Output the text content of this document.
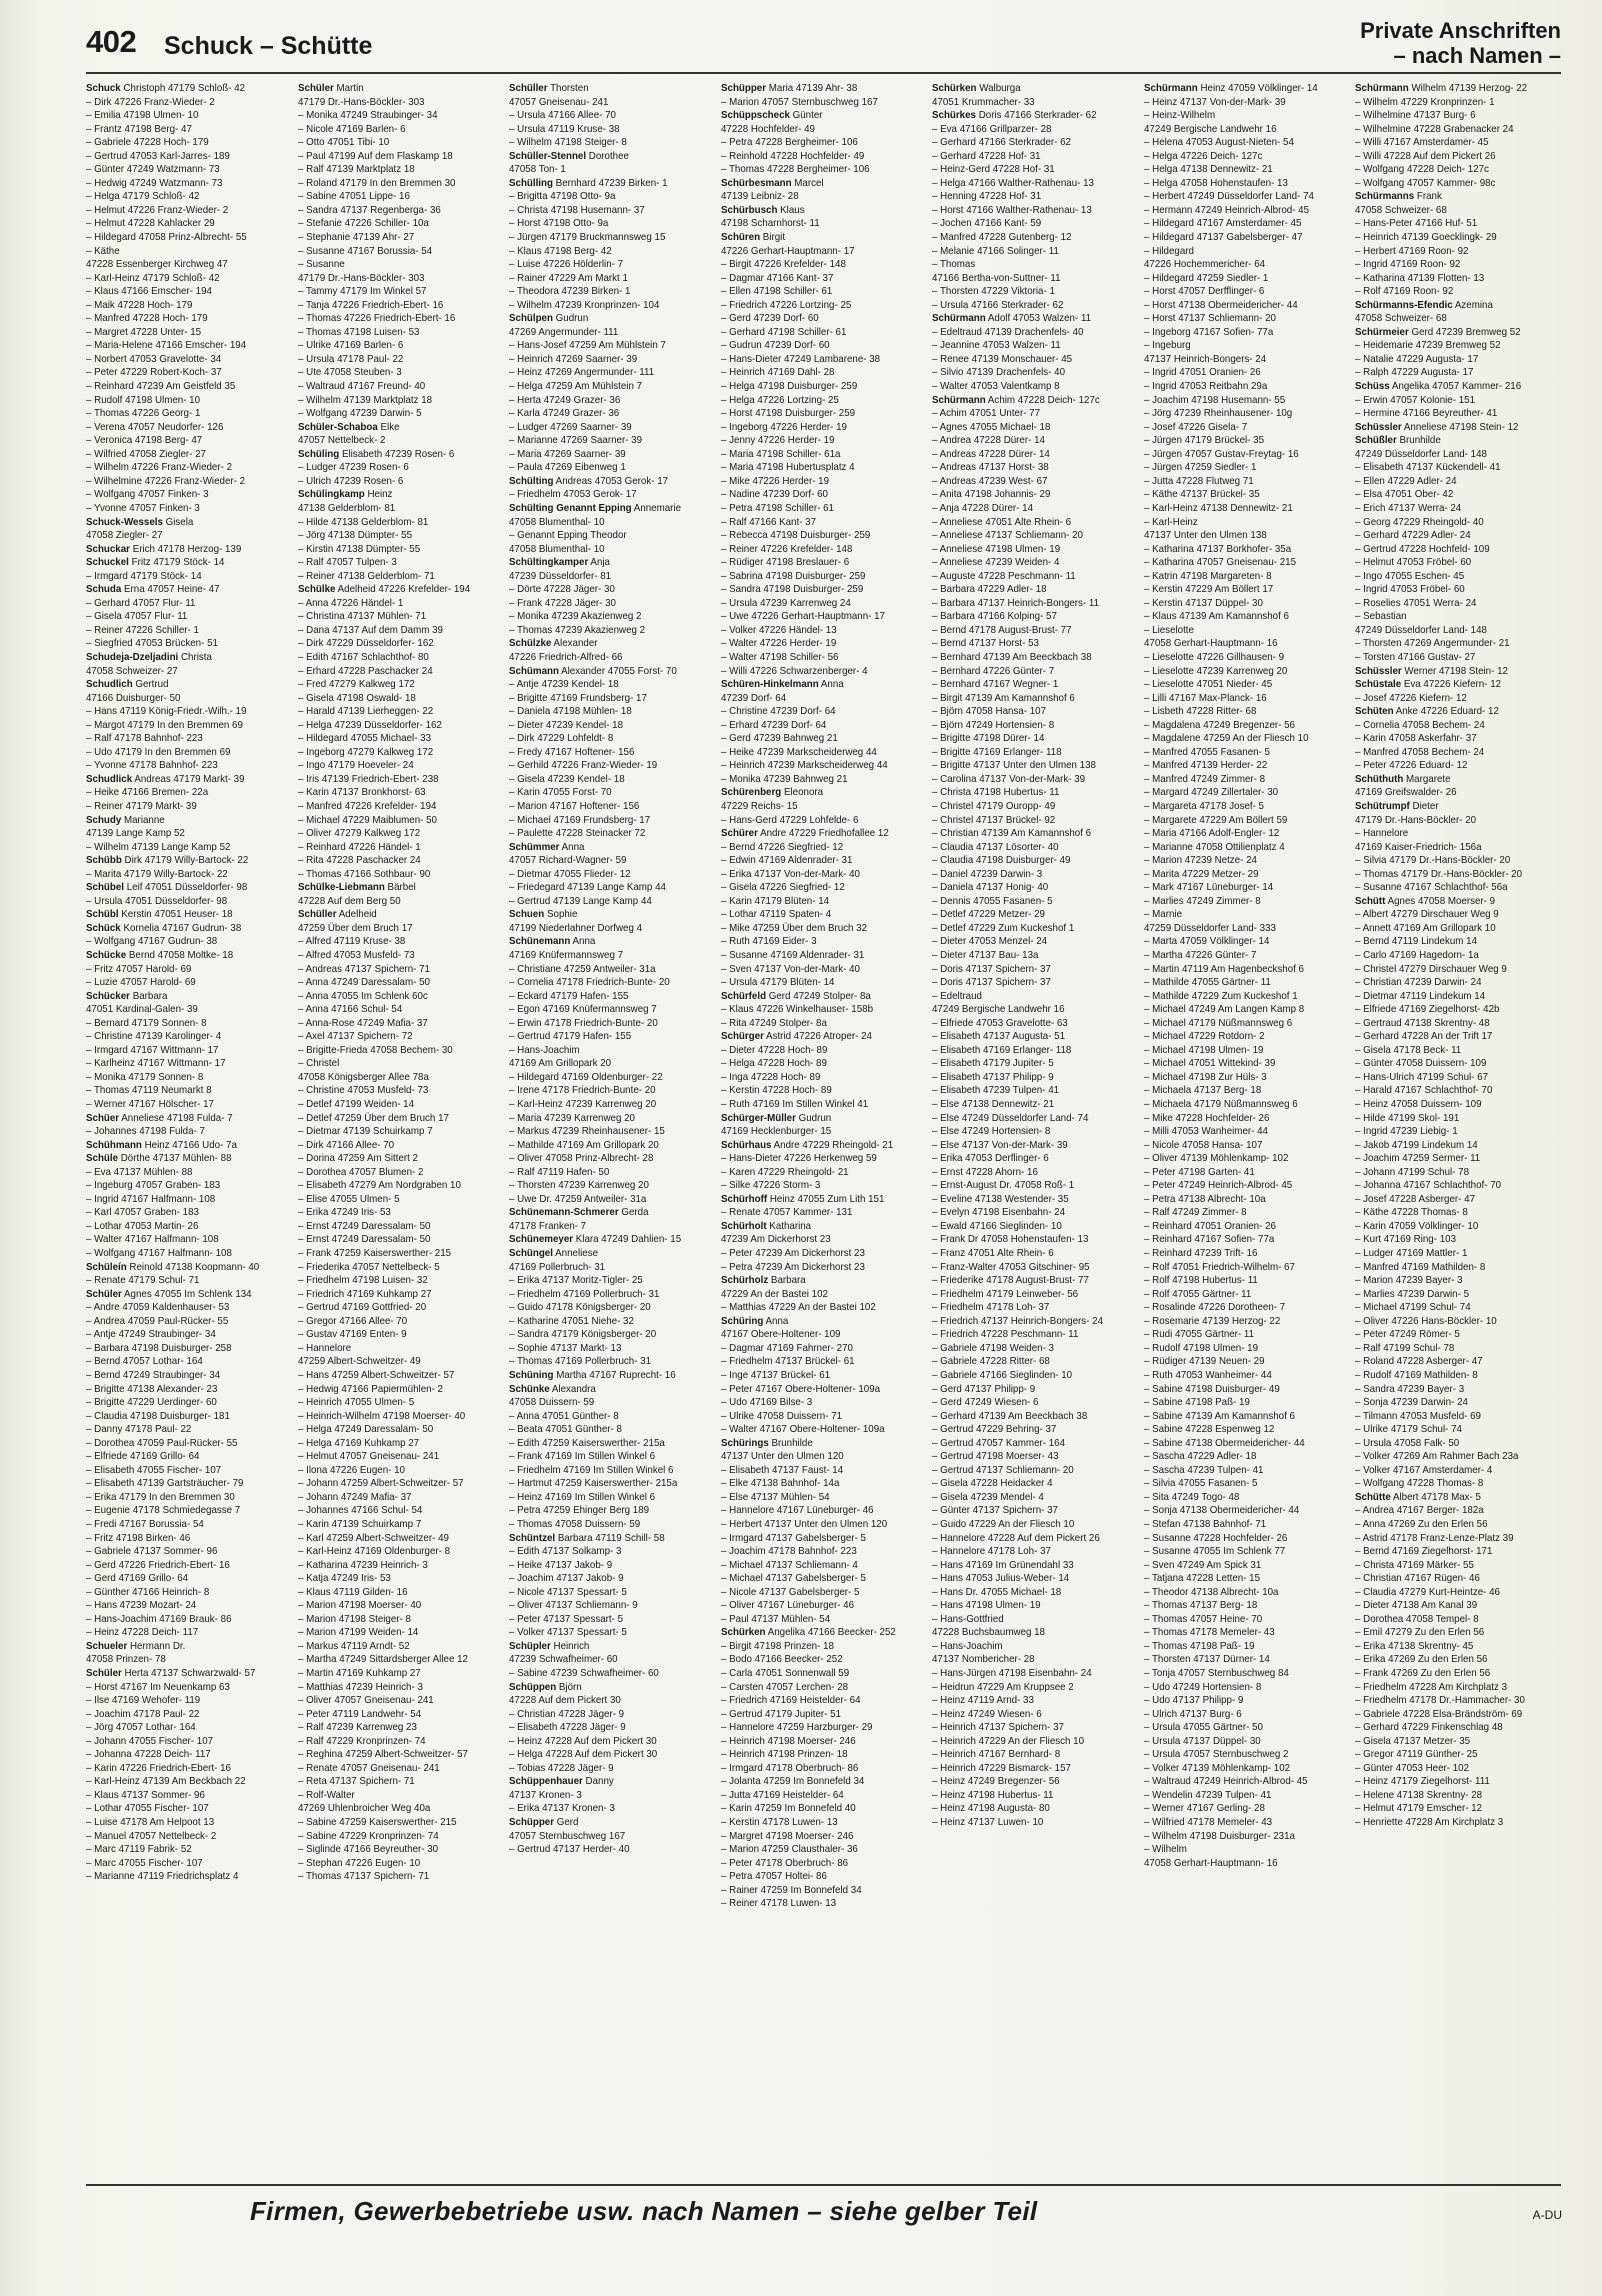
402 Schuck – Schütte
Private Anschriften
– nach Namen –
Schuck Christoph 47179 Schloß- 42
– Dirk 47226 Franz-Wieder- 2
– Emilia 47198 Ulmen- 10
– Frantz 47198 Berg- 47
– Gabriele 47228 Hoch- 179
– Gertrud 47053 Karl-Jarres- 189
– Günter 47249 Watzmann- 73
– Hedwig 47249 Watzmann- 73
– Helga 47179 Schloß- 42
– Helmut 47226 Franz-Wieder- 2
– Helmut 47228 Kahlacker 29
– Hildegard 47058 Prinz-Albrecht- 55
– Käthe
47228 Essenberger Kirchweg 47
– Karl-Heinz 47179 Schloß- 42
– Klaus 47166 Emscher- 194
– Maik 47228 Hoch- 179
– Manfred 47228 Hoch- 179
– Margret 47228 Unter- 15
– Maria-Helene 47166 Emscher- 194
– Norbert 47053 Gravelotte- 34
– Peter 47229 Robert-Koch- 37
– Reinhard 47239 Am Geistfeld 35
– Rudolf 47198 Ulmen- 10
– Thomas 47226 Georg- 1
– Verena 47057 Neudorfer- 126
– Veronica 47198 Berg- 47
– Wilfried 47058 Ziegler- 27
– Wilhelm 47226 Franz-Wieder- 2
– Wilhelmine 47226 Franz-Wieder- 2
– Wolfgang 47057 Finken- 3
– Yvonne 47057 Finken- 3
Schuck-Wessels Gisela
47058 Ziegler- 27
Schuckar Erich 47178 Herzog- 139
Schuckel Fritz 47179 Stöck- 14
– Irmgard 47179 Stöck- 14
Schuda Erna 47057 Heine- 47
– Gerhard 47057 Flur- 11
– Gisela 47057 Flur- 11
– Reiner 47226 Schiller- 1
– Siegfried 47053 Brücken- 51
Schudeja-Dzeljadini Christa
47058 Schweizer- 27
Schudlich Gertrud
47166 Duisburger- 50
– Hans 47119 König-Friedr.-Wilh.- 19
– Margot 47179 In den Bremmen 69
– Ralf 47178 Bahnhof- 223
– Udo 47179 In den Bremmen 69
– Yvonne 47178 Bahnhof- 223
Schudlick Andreas 47179 Markt- 39
– Heike 47166 Bremen- 22a
– Reiner 47179 Markt- 39
Schudy Marianne
47139 Lange Kamp 52
– Wilhelm 47139 Lange Kamp 52
Schübb Dirk 47179 Willy-Bartock- 22
– Marita 47179 Willy-Bartock- 22
Schübel Leif 47051 Düsseldorfer- 98
– Ursula 47051 Düsseldorfer- 98
Schübl Kerstin 47051 Heuser- 18
Schück Kornelia 47167 Gudrun- 38
– Wolfgang 47167 Gudrun- 38
Schücke Bernd 47058 Moltke- 18
– Fritz 47057 Harold- 69
– Luzie 47057 Harold- 69
Schücker Barbara
47051 Kardinal-Galen- 39
– Bernard 47179 Sonnen- 8
– Christine 47139 Karolinger- 4
– Irmgard 47167 Wittmann- 17
– Karlheinz 47167 Wittmann- 17
– Monika 47179 Sonnen- 8
– Thomas 47119 Neumarkt 8
– Werner 47167 Hölscher- 17
Schüer Anneliese 47198 Fulda- 7
– Johannes 47198 Fulda- 7
Schühmann Heinz 47166 Udo- 7a
Schüle Dörthe 47137 Mühlen- 88
– Eva 47137 Mühlen- 88
– Ingeburg 47057 Graben- 183
– Ingrid 47167 Halfmann- 108
– Karl 47057 Graben- 183
– Lothar 47053 Martin- 26
– Walter 47167 Halfmann- 108
– Wolfgang 47167 Halfmann- 108
Schüleín Reinold 47138 Koopmann- 40
– Renate 47179 Schul- 71
Schüler Agnes 47055 Im Schlenk 134
– Andre 47059 Kaldenhauser- 53
– Andrea 47059 Paul-Rücker- 55
– Antje 47249 Straubinger- 34
– Barbara 47198 Duisburger- 258
– Bernd 47057 Lothar- 164
– Bernd 47249 Straubinger- 34
– Brigitte 47138 Alexander- 23
– Brigitte 47229 Uerdinger- 60
– Claudia 47198 Duisburger- 181
– Danny 47178 Paul- 22
– Dorothea 47059 Paul-Rücker- 55
– Elfriede 47169 Grillo- 64
– Elisabeth 47055 Fischer- 107
– Elisabeth 47139 Gartsträucher- 79
– Erika 47179 In den Bremmen 30
– Eugenie 47178 Schmiedegasse 7
– Fredi 47167 Borussia- 54
– Fritz 47198 Birken- 46
– Gabriele 47137 Sommer- 96
– Gerd 47226 Friedrich-Ebert- 16
– Gerd 47169 Grillo- 64
– Günther 47166 Heinrich- 8
– Hans 47239 Mozart- 24
– Hans-Joachim 47169 Brauk- 86
– Heinz 47228 Deich- 117
Schueler Hermann Dr.
47058 Prinzen- 78
Schüler Herta 47137 Schwarzwald- 57
– Horst 47167 Im Neuenkamp 63
– Ilse 47169 Wehofer- 119
– Joachim 47178 Paul- 22
– Jörg 47057 Lothar- 164
– Johann 47055 Fischer- 107
– Johanna 47228 Deich- 117
– Karin 47226 Friedrich-Ebert- 16
– Karl-Heinz 47139 Am Beckbach 22
– Klaus 47137 Sommer- 96
– Lothar 47055 Fischer- 107
– Luise 47178 Am Helpoot 13
– Manuel 47057 Nettelbeck- 2
– Marc 47119 Fabrik- 52
– Marc 47055 Fischer- 107
– Marianne 47119 Friedrichsplatz 4
Schüler Martin
47179 Dr.-Hans-Böckler- 303
– Monika 47249 Straubinger- 34
– Nicole 47169 Barlen- 6
– Otto 47051 Tibi- 10
– Paul 47199 Auf dem Flaskamp 18
– Ralf 47139 Marktplatz 18
– Roland 47179 In den Bremmen 30
– Sabine 47051 Lippe- 16
– Sandra 47137 Regenberga- 36
– Stefanie 47226 Schiller- 10a
– Stephanie 47139 Ahr- 27
– Susanne 47167 Borussia- 54
– Susanne
47179 Dr.-Hans-Böckler- 303
– Tammy 47179 Im Winkel 57
– Tanja 47226 Friedrich-Ebert- 16
– Thomas 47226 Friedrich-Ebert- 16
– Thomas 47198 Luisen- 53
– Ulrike 47169 Barlen- 6
– Ursula 47178 Paul- 22
– Ute 47058 Steuben- 3
– Waltraud 47167 Freund- 40
– Wilhelm 47139 Marktplatz 18
– Wolfgang 47239 Darwin- 5
Schüler-Schaboa Elke
47057 Nettelbeck- 2
Schüling Elisabeth 47239 Rosen- 6
– Ludger 47239 Rosen- 6
– Ulrich 47239 Rosen- 6
Schülingkamp Heinz
47138 Gelderblom- 81
– Hilde 47138 Gelderblom- 81
– Jörg 47138 Dümpter- 55
– Kirstin 47138 Dümpter- 55
– Ralf 47057 Tulpen- 3
– Reiner 47138 Gelderblom- 71
Schülke Adelheid 47226 Krefelder- 194
– Anna 47226 Händel- 1
– Christina 47137 Mühlen- 71
– Dana 47137 Auf dem Damm 39
– Dirk 47229 Düsseldorfer- 162
– Edith 47167 Schlachthof- 80
– Erhard 47228 Paschacker 24
– Fred 47279 Kalkweg 172
– Gisela 47198 Oswald- 18
– Harald 47139 Lierheggen- 22
– Helga 47239 Düsseldorfer- 162
– Hildegard 47055 Michael- 33
– Ingeborg 47279 Kalkweg 172
– Ingo 47179 Hoeveler- 24
– Iris 47139 Friedrich-Ebert- 238
– Karin 47137 Bronkhorst- 63
– Manfred 47226 Krefelder- 194
– Michael 47229 Maiblumen- 50
– Oliver 47279 Kalkweg 172
– Reinhard 47226 Händel- 1
– Rita 47228 Paschacker 24
– Thomas 47166 Sothbaur- 90
Schülke-Liebmann Bärbel
47228 Auf dem Berg 50
Schüller Adelheid
47259 Über dem Bruch 17
– Alfred 47119 Kruse- 38
– Alfred 47053 Musfeld- 73
– Andreas 47137 Spichern- 71
– Anna 47249 Daressalam- 50
– Anna 47055 Im Schlenk 60c
– Anna 47166 Schul- 54
– Anna-Rose 47249 Mafia- 37
– Axel 47137 Spichern- 72
– Brigitte-Frieda 47058 Bechem- 30
– Christel
47058 Königsberger Allee 78a
– Christine 47053 Musfeld- 73
– Detlef 47199 Weiden- 14
– Detlef 47259 Über dem Bruch 17
– Dietmar 47139 Schuirkamp 7
– Dirk 47166 Allee- 70
– Dorina 47259 Am Sittert 2
– Dorothea 47057 Blumen- 2
– Elisabeth 47279 Am Nordgraben 10
– Elise 47055 Ulmen- 5
– Erika 47249 Iris- 53
– Ernst 47249 Daressalam- 50
– Ernst 47249 Daressalam- 50
– Frank 47259 Kaiserswerther- 215
– Friederika 47057 Nettelbeck- 5
– Friedhelm 47198 Luisen- 32
– Friedrich 47169 Kuhkamp 27
– Gertrud 47169 Gottfried- 20
– Gregor 47166 Allee- 70
– Gustav 47169 Enten- 9
– Hannelore
47259 Albert-Schweitzer- 49
– Hans 47259 Albert-Schweitzer- 57
– Hedwig 47166 Papiermühlen- 2
– Heinrich 47055 Ulmen- 5
– Heinrich-Wilhelm 47198 Moerser- 40
– Helga 47249 Daressalam- 50
– Helga 47169 Kuhkamp 27
– Helmut 47057 Gneisenau- 241
– Ilona 47226 Eugen- 10
– Johann 47259 Albert-Schweitzer- 57
– Johann 47249 Mafia- 37
– Johannes 47166 Schul- 54
– Karin 47139 Schuirkamp 7
– Karl 47259 Albert-Schweitzer- 49
– Karl-Heinz 47169 Oldenburger- 8
– Katharina 47239 Heinrich- 3
– Katja 47249 Iris- 53
– Klaus 47119 Gilden- 16
– Marion 47198 Moerser- 40
– Marion 47198 Steiger- 8
– Marion 47199 Weiden- 14
– Markus 47119 Arndt- 52
– Martha 47249 Sittardsberger Allee 12
– Martin 47169 Kuhkamp 27
– Matthias 47239 Heinrich- 3
– Oliver 47057 Gneisenau- 241
– Peter 47119 Landwehr- 54
– Ralf 47239 Karrenweg 23
– Ralf 47229 Kronprinzen- 74
– Reghina 47259 Albert-Schweitzer- 57
– Renate 47057 Gneisenau- 241
– Reta 47137 Spichern- 71
– Rolf-Walter
47269 Uhlenbroicher Weg 40a
– Sabine 47259 Kaiserswerther- 215
– Sabine 47229 Kronprinzen- 74
– Siglinde 47166 Beyreuther- 30
– Stephan 47226 Eugen- 10
– Thomas 47137 Spichern- 71
Schüller Thorsten
47057 Gneisenau- 241
– Ursula 47166 Allee- 70
– Ursula 47119 Kruse- 38
– Wilhelm 47198 Steiger- 8
Schüller-Stennel Dorothee
47058 Ton- 1
Schülling Bernhard 47239 Birken- 1
– Brigitta 47198 Otto- 9a
– Christa 47198 Husemann- 37
– Horst 47198 Otto- 9a
– Jürgen 47179 Bruckmannsweg 15
– Klaus 47198 Berg- 42
– Luise 47226 Hölderlin- 7
– Rainer 47229 Am Markt 1
– Theodora 47239 Birken- 1
– Wilhelm 47239 Kronprinzen- 104
Schülpen Gudrun
47269 Angermunder- 111
– Hans-Josef 47259 Am Mühlstein 7
– Heinrich 47269 Saarner- 39
– Heinz 47269 Angermunder- 111
– Helga 47259 Am Mühlstein 7
– Herta 47249 Grazer- 36
– Karla 47249 Grazer- 36
– Ludger 47269 Saarner- 39
– Marianne 47269 Saarner- 39
– Maria 47269 Saarner- 39
– Paula 47269 Eibenweg 1
Schülting Andreas 47053 Gerok- 17
– Friedhelm 47053 Gerok- 17
Schülting Genannt Epping Annemarie
47058 Blumenthal- 10
– Genannt Epping Theodor
47058 Blumenthal- 10
Schültingkamper Anja
47239 Düsseldorfer- 81
– Dörte 47228 Jäger- 30
– Frank 47228 Jäger- 30
– Monika 47239 Akazienweg 2
– Thomas 47239 Akazienweg 2
Schülzke Alexander
47226 Friedrich-Alfred- 66
Schümann Alexander 47055 Forst- 70
– Antje 47239 Kendel- 18
– Brigitte 47169 Frundsberg- 17
– Daniela 47198 Mühlen- 18
– Dieter 47239 Kendel- 18
– Dirk 47229 Lohfeldt- 8
– Fredy 47167 Hoftener- 156
– Gerhild 47226 Franz-Wieder- 19
– Gisela 47239 Kendel- 18
– Karin 47055 Forst- 70
– Marion 47167 Hoftener- 156
– Michael 47169 Frundsberg- 17
– Paulette 47228 Steinacker 72
Schümmer Anna
47057 Richard-Wagner- 59
– Dietmar 47055 Flieder- 12
– Friedegard 47139 Lange Kamp 44
– Gertrud 47139 Lange Kamp 44
Schuen Sophie
47199 Niederlahner Dorfweg 4
Schünemann Anna
47169 Knüfermannsweg 7
– Christiane 47259 Antweiler- 31a
– Cornelia 47178 Friedrich-Bunte- 20
– Eckard 47179 Hafen- 155
– Egon 47169 Knüfermannsweg 7
– Erwin 47178 Friedrich-Bunte- 20
– Gertrud 47179 Hafen- 155
– Hans-Joachim
47169 Am Grillopark 20
– Hildegard 47169 Oldenburger- 22
– Irene 47178 Friedrich-Bunte- 20
– Karl-Heinz 47239 Karrenweg 20
– Maria 47239 Karrenweg 20
– Markus 47239 Rheinhausener- 15
– Mathilde 47169 Am Grillopark 20
– Oliver 47058 Prinz-Albrecht- 28
– Ralf 47119 Hafen- 50
– Thorsten 47239 Karrenweg 20
– Uwe Dr. 47259 Antweiler- 31a
Schünemann-Schmerer Gerda
47178 Franken- 7
Schünemeyer Klara 47249 Dahlien- 15
Schüngel Anneliese
47169 Pollerbruch- 31
– Erika 47137 Moritz-Tigler- 25
– Friedhelm 47169 Pollerbruch- 31
– Guido 47178 Königsberger- 20
– Katharine 47051 Niehe- 32
– Sandra 47179 Königsberger- 20
– Sophie 47137 Markt- 13
– Thomas 47169 Pollerbruch- 31
Schüning Martha 47167 Ruprecht- 16
Schünke Alexandra
47058 Duissern- 59
– Anna 47051 Günther- 8
– Beata 47051 Günther- 8
– Edith 47259 Kaiserswerther- 215a
– Frank 47169 Im Stillen Winkel 6
– Friedhelm 47169 Im Stillen Winkel 6
– Hartmut 47259 Kaiserswerther- 215a
– Heinz 47169 Im Stillen Winkel 6
– Petra 47259 Ehinger Berg 189
– Thomas 47058 Duissern- 59
Schüntzel Barbara 47119 Schill- 58
– Edith 47137 Solkamp- 3
– Heike 47137 Jakob- 9
– Joachim 47137 Jakob- 9
– Nicole 47137 Spessart- 5
– Oliver 47137 Schliemann- 9
– Peter 47137 Spessart- 5
– Volker 47137 Spessart- 5
Schüpler Heinrich
47239 Schwafheimer- 60
– Sabine 47239 Schwafheimer- 60
Schüppen Björn
47228 Auf dem Pickert 30
– Christian 47228 Jäger- 9
– Elisabeth 47228 Jäger- 9
– Heinz 47228 Auf dem Pickert 30
– Helga 47228 Auf dem Pickert 30
– Tobias 47228 Jäger- 9
Schüppenhauer Danny
47137 Kronen- 3
– Erika 47137 Kronen- 3
Schüpper Gerd
47057 Sternbuschweg 167
– Gertrud 47137 Herder- 40
Schüpper Maria 47139 Ahr- 38
– Marion 47057 Sternbuschweg 167
Schüppscheck Günter
47228 Hochfelder- 49
– Petra 47228 Bergheimer- 106
– Reinhold 47228 Hochfelder- 49
– Thomas 47228 Bergheimer- 106
Schürbesmann Marcel
47139 Leibniz- 28
Schürbusch Klaus
47198 Scharnhorst- 11
Schüren Birgit
47226 Gerhart-Hauptmann- 17
– Birgit 47226 Krefelder- 148
– Dagmar 47166 Kant- 37
– Ellen 47198 Schiller- 61
– Friedrich 47226 Lortzing- 25
– Gerd 47239 Dorf- 60
– Gerhard 47198 Schiller- 61
– Gudrun 47239 Dorf- 60
– Hans-Dieter 47249 Lambarene- 38
– Heinrich 47169 Dahl- 28
– Helga 47198 Duisburger- 259
– Helga 47226 Lortzing- 25
– Horst 47198 Duisburger- 259
– Ingeborg 47226 Herder- 19
– Jenny 47226 Herder- 19
– Maria 47198 Schiller- 61a
– Maria 47198 Hubertusplatz 4
– Mike 47226 Herder- 19
– Nadine 47239 Dorf- 60
– Petra 47198 Schiller- 61
– Ralf 47166 Kant- 37
– Rebecca 47198 Duisburger- 259
– Reiner 47226 Krefelder- 148
– Rüdiger 47198 Breslauer- 6
– Sabrina 47198 Duisburger- 259
– Sandra 47198 Duisburger- 259
– Ursula 47239 Karrenweg 24
– Uwe 47226 Gerhart-Hauptmann- 17
– Volker 47226 Händel- 13
– Walter 47226 Herder- 19
– Walter 47198 Schiller- 56
– Willi 47226 Schwarzenberger- 4
Schüren-Hinkelmann Anna
47239 Dorf- 64
– Christine 47239 Dorf- 64
– Erhard 47239 Dorf- 64
– Gerd 47239 Bahnweg 21
– Heike 47239 Markscheiderweg 44
– Heinrich 47239 Markscheiderweg 44
– Monika 47239 Bahnweg 21
Schürenberg Eleonora
47229 Reichs- 15
– Hans-Gerd 47229 Lohfelde- 6
Schürer Andre 47229 Friedhofallee 12
– Bernd 47226 Siegfried- 12
– Edwin 47169 Aldenrader- 31
– Erika 47137 Von-der-Mark- 40
– Gisela 47226 Siegfried- 12
– Karin 47179 Blüten- 14
– Lothar 47119 Spaten- 4
– Mike 47259 Über dem Bruch 32
– Ruth 47169 Eider- 3
– Susanne 47169 Aldenrader- 31
– Sven 47137 Von-der-Mark- 40
– Ursula 47179 Blüten- 14
Schürfeld Gerd 47249 Stolper- 8a
– Klaus 47226 Winkelhauser- 158b
– Rita 47249 Stolper- 8a
Schürger Astrid 47226 Atroper- 24
– Dieter 47228 Hoch- 89
– Helga 47228 Hoch- 89
– Inga 47228 Hoch- 89
– Kerstin 47228 Hoch- 89
– Ruth 47169 Im Stillen Winkel 41
Schürger-Müller Gudrun
47169 Hecklenburger- 15
Schürhaus Andre 47229 Rheingold- 21
– Hans-Dieter 47226 Herkenweg 59
– Karen 47229 Rheingold- 21
– Silke 47226 Storm- 3
Schürhoff Heinz 47055 Zum Lith 151
– Renate 47057 Kammer- 131
Schürholt Katharina
47239 Am Dickerhorst 23
– Peter 47239 Am Dickerhorst 23
– Petra 47239 Am Dickerhorst 23
Schürholz Barbara
47229 An der Bastei 102
– Matthias 47229 An der Bastei 102
Schüring Anna
47167 Obere-Holtener- 109
– Dagmar 47169 Fahrner- 270
– Friedhelm 47137 Brückel- 61
– Inge 47137 Brückel- 61
– Peter 47167 Obere-Holtener- 109a
– Udo 47169 Bilse- 3
– Ulrike 47058 Duissern- 71
– Walter 47167 Obere-Holtener- 109a
Schürings Brunhilde
47137 Unter den Ulmen 120
– Elisabeth 47137 Faust- 14
– Elke 47138 Bahnhof- 14a
– Else 47137 Mühlen- 54
– Hannelore 47167 Lüneburger- 46
– Herbert 47137 Unter den Ulmen 120
– Irmgard 47137 Gabelsberger- 5
– Joachim 47178 Bahnhof- 223
– Michael 47137 Schliemann- 4
– Michael 47137 Gabelsberger- 5
– Nicole 47137 Gabelsberger- 5
– Oliver 47167 Lüneburger- 46
– Paul 47137 Mühlen- 54
Schürken Angelika 47166 Beecker- 252
– Birgit 47198 Prinzen- 18
– Bodo 47166 Beecker- 252
– Carla 47051 Sonnenwall 59
– Carsten 47057 Lerchen- 28
– Friedrich 47169 Heistelder- 64
– Gertrud 47179 Jupiter- 51
– Hannelore 47259 Harzburger- 29
– Heinrich 47198 Moerser- 246
– Heinrich 47198 Prinzen- 18
– Irmgard 47178 Oberbruch- 86
– Jolanta 47259 Im Bonnefeld 34
– Jutta 47169 Heistelder- 64
– Karin 47259 Im Bonnefeld 40
– Kerstin 47178 Luwen- 13
– Margret 47198 Moerser- 246
– Marion 47259 Clausthaler- 36
– Peter 47178 Oberbruch- 86
– Petra 47057 Holtei- 86
– Rainer 47259 Im Bonnefeld 34
– Reiner 47178 Luwen- 13
Schürken Walburga
47051 Krummacher- 33
Schürkes Doris 47166 Sterkrader- 62
– Eva 47166 Grillparzer- 28
– Gerhard 47166 Sterkrader- 62
– Gerhard 47228 Hof- 31
– Heinz-Gerd 47228 Hof- 31
– Helga 47166 Walther-Rathenau- 13
– Henning 47228 Hof- 31
– Horst 47166 Walther-Rathenau- 13
– Jochen 47166 Kant- 59
– Manfred 47228 Gutenberg- 12
– Melanie 47166 Solinger- 11
– Thomas
47166 Bertha-von-Suttner- 11
– Thorsten 47229 Viktoria- 1
– Ursula 47166 Sterkrader- 62
Schürmann Adolf 47053 Walzen- 11
– Edeltraud 47139 Drachenfels- 40
– Jeannine 47053 Walzen- 11
– Renee 47139 Monschauer- 45
– Silvio 47139 Drachenfels- 40
– Walter 47053 Valentkamp 8
Schürmann Achim 47228 Deich- 127c
– Achim 47051 Unter- 77
– Agnes 47055 Michael- 18
– Andrea 47228 Dürer- 14
– Andreas 47228 Dürer- 14
– Andreas 47137 Horst- 38
– Andreas 47239 West- 67
– Anita 47198 Johannis- 29
– Anja 47228 Dürer- 14
– Anneliese 47051 Alte Rhein- 6
– Anneliese 47137 Schliemann- 20
– Anneliese 47198 Ulmen- 19
– Anneliese 47239 Weiden- 4
– Auguste 47228 Peschmann- 11
– Barbara 47229 Adler- 18
– Barbara 47137 Heinrich-Bongers- 11
– Barbara 47166 Kolping- 57
– Bernd 47178 August-Brust- 77
– Bernd 47137 Horst- 53
– Bernhard 47139 Am Beeckbach 38
– Bernhard 47226 Günter- 7
– Bernhard 47167 Wegner- 1
– Birgit 47139 Am Kamannshof 6
– Björn 47058 Hansa- 107
– Björn 47249 Hortensien- 8
– Brigitte 47198 Dürer- 14
– Brigitte 47169 Erlanger- 118
– Brigitte 47137 Unter den Ulmen 138
– Carolina 47137 Von-der-Mark- 39
– Christa 47198 Hubertus- 11
– Christel 47179 Ouropp- 49
– Christel 47137 Brückel- 92
– Christian 47139 Am Kamannshof 6
– Claudia 47137 Lösorter- 40
– Claudia 47198 Duisburger- 49
– Daniel 47239 Darwin- 3
– Daniela 47137 Honig- 40
– Dennis 47055 Fasanen- 5
– Detlef 47229 Metzer- 29
– Detlef 47229 Zum Kuckeshof 1
– Dieter 47053 Menzel- 24
– Dieter 47137 Bau- 13a
– Doris 47137 Spichern- 37
– Doris 47137 Spichern- 37
– Edeltraud
47249 Bergische Landwehr 16
– Elfriede 47053 Gravelotte- 63
– Elisabeth 47137 Augusta- 51
– Elisabeth 47169 Erlanger- 118
– Elisabeth 47179 Jupiter- 5
– Elisabeth 47137 Philipp- 9
– Elisabeth 47239 Tulpen- 41
– Else 47138 Dennewitz- 21
– Else 47249 Düsseldorfer Land- 74
– Else 47249 Hortensien- 8
– Else 47137 Von-der-Mark- 39
– Erika 47053 Derflinger- 6
– Ernst 47228 Ahorn- 16
– Ernst-August Dr. 47058 Roß- 1
– Eveline 47138 Westender- 35
– Evelyn 47198 Eisenbahn- 24
– Ewald 47166 Sieglinden- 10
– Frank Dr 47058 Hohenstaufen- 13
– Franz 47051 Alte Rhein- 6
– Franz-Walter 47053 Gitschiner- 95
– Friederike 47178 August-Brust- 77
– Friedhelm 47179 Leinweber- 56
– Friedhelm 47178 Loh- 37
– Friedrich 47137 Heinrich-Bongers- 24
– Friedrich 47228 Peschmann- 11
– Gabriele 47198 Weiden- 3
– Gabriele 47228 Ritter- 68
– Gabriele 47166 Sieglinden- 10
– Gerd 47137 Philipp- 9
– Gerd 47249 Wiesen- 6
– Gerhard 47139 Am Beeckbach 38
– Gertrud 47229 Behring- 37
– Gertrud 47057 Kammer- 164
– Gertrud 47198 Moerser- 43
– Gertrud 47137 Schliemann- 20
– Gisela 47228 Heidacker 4
– Gisela 47239 Mendel- 4
– Günter 47137 Spichern- 37
– Guido 47229 An der Fliesch 10
– Hannelore 47228 Auf dem Pickert 26
– Hannelore 47178 Loh- 37
– Hans 47169 Im Grünendahl 33
– Hans 47053 Julius-Weber- 14
– Hans Dr. 47055 Michael- 18
– Hans 47198 Ulmen- 19
– Hans-Gottfried
47228 Buchsbaumweg 18
– Hans-Joachim
47137 Nombericher- 28
– Hans-Jürgen 47198 Eisenbahn- 24
– Heidrun 47229 Am Kruppsee 2
– Heinz 47119 Arnd- 33
– Heinz 47249 Wiesen- 6
– Heinrich 47137 Spichern- 37
– Heinrich 47229 An der Fliesch 10
– Heinrich 47167 Bernhard- 8
– Heinrich 47229 Bismarck- 157
– Heinz 47249 Bregenzer- 56
– Heinz 47198 Hubertus- 11
– Heinz 47198 Augusta- 80
– Heinz 47137 Luwen- 10
Schürmann Heinz 47059 Völklinger- 14
– Heinz 47137 Von-der-Mark- 39
– Heinz-Wilhelm
47249 Bergische Landwehr 16
– Helena 47053 August-Nieten- 54
– Helga 47226 Deich- 127c
– Helga 47138 Dennewitz- 21
– Helga 47058 Hohenstaufen- 13
– Herbert 47249 Düsseldorfer Land- 74
– Hermann 47249 Heinrich-Albrod- 45
– Hildegard 47167 Amsterdamer- 45
– Hildegard 47137 Gabelsberger- 47
– Hildegard
47226 Hochemmericher- 64
– Hildegard 47259 Siedler- 1
– Horst 47057 Derfflinger- 6
– Horst 47138 Obermeidericher- 44
– Horst 47137 Schliemann- 20
– Ingeborg 47167 Sofien- 77a
– Ingeburg
47137 Heinrich-Bongers- 24
– Ingrid 47051 Oranien- 26
– Ingrid 47053 Reitbahn 29a
– Joachim 47198 Husemann- 55
– Jörg 47239 Rheinhausener- 10g
– Josef 47226 Gisela- 7
– Jürgen 47179 Brückel- 35
– Jürgen 47057 Gustav-Freytag- 16
– Jürgen 47259 Siedler- 1
– Jutta 47228 Flutweg 71
– Käthe 47137 Brückel- 35
– Karl-Heinz 47138 Dennewitz- 21
– Karl-Heinz
47137 Unter den Ulmen 138
– Katharina 47137 Borkhofer- 35a
– Katharina 47057 Gneisenau- 215
– Katrin 47198 Margareten- 8
– Kerstin 47229 Am Böllert 17
– Kerstin 47137 Düppel- 30
– Klaus 47139 Am Kamannshof 6
– Lieselotte
47058 Gerhart-Hauptmann- 16
– Lieselotte 47226 Gillhausen- 9
– Lieselotte 47239 Karrenweg 20
– Lieselotte 47051 Nieder- 45
– Lilli 47167 Max-Planck- 16
– Lisbeth 47228 Ritter- 68
– Magdalena 47249 Bregenzer- 56
– Magdalene 47259 An der Fliesch 10
– Manfred 47055 Fasanen- 5
– Manfred 47139 Herder- 22
– Manfred 47249 Zimmer- 8
– Margard 47249 Zillertaler- 30
– Margareta 47178 Josef- 5
– Margarete 47229 Am Böllert 59
– Maria 47166 Adolf-Engler- 12
– Marianne 47058 Ottilienplatz 4
– Marion 47239 Netze- 24
– Marita 47229 Metzer- 29
– Mark 47167 Lüneburger- 14
– Marlies 47249 Zimmer- 8
– Marnie
47259 Düsseldorfer Land- 333
– Marta 47059 Völklinger- 14
– Martha 47226 Günter- 7
– Martin 47119 Am Hagenbeckshof 6
– Mathilde 47055 Gärtner- 11
– Mathilde 47229 Zum Kuckeshof 1
– Michael 47249 Am Langen Kamp 8
– Michael 47179 Nüßmannsweg 6
– Michael 47229 Rotdorn- 2
– Michael 47198 Ulmen- 19
– Michael 47051 Wittekind- 39
– Michael 47198 Zur Hüls- 3
– Michaela 47137 Berg- 18
– Michaela 47179 Nüßmannsweg 6
– Mike 47228 Hochfelder- 26
– Milli 47053 Wanheimer- 44
– Nicole 47058 Hansa- 107
– Oliver 47139 Möhlenkamp- 102
– Peter 47198 Garten- 41
– Peter 47249 Heinrich-Albrod- 45
– Petra 47138 Albrecht- 10a
– Ralf 47249 Zimmer- 8
– Reinhard 47051 Oranien- 26
– Reinhard 47167 Sofien- 77a
– Reinhard 47239 Trift- 16
– Rolf 47051 Friedrich-Wilhelm- 67
– Rolf 47198 Hubertus- 11
– Rolf 47055 Gärtner- 11
– Rosalinde 47226 Dorotheen- 7
– Rosemarie 47139 Herzog- 22
– Rudi 47055 Gärtner- 11
– Rudolf 47198 Ulmen- 19
– Rüdiger 47139 Neuen- 29
– Ruth 47053 Wanheimer- 44
– Sabine 47198 Duisburger- 49
– Sabine 47198 Paß- 19
– Sabine 47139 Am Kamannshof 6
– Sabine 47228 Espenweg 12
– Sabine 47138 Obermeidericher- 44
– Sascha 47229 Adler- 18
– Sascha 47239 Tulpen- 41
– Silvia 47055 Fasanen- 5
– Sita 47249 Togo- 48
– Sonja 47138 Obermeidericher- 44
– Stefan 47138 Bahnhof- 71
– Susanne 47228 Hochfelder- 26
– Susanne 47055 Im Schlenk 77
– Sven 47249 Am Spick 31
– Tatjana 47228 Letten- 15
– Theodor 47138 Albrecht- 10a
– Thomas 47137 Berg- 18
– Thomas 47057 Heine- 70
– Thomas 47178 Memeler- 43
– Thomas 47198 Paß- 19
– Thorsten 47137 Dürner- 14
– Tonja 47057 Sternbuschweg 84
– Udo 47249 Hortensien- 8
– Udo 47137 Philipp- 9
– Ulrich 47137 Burg- 6
– Ursula 47055 Gärtner- 50
– Ursula 47137 Düppel- 30
– Ursula 47057 Sternbuschweg 2
– Volker 47139 Möhlenkamp- 102
– Waltraud 47249 Heinrich-Albrod- 45
– Wendelin 47239 Tulpen- 41
– Werner 47167 Gerling- 28
– Wilfried 47178 Memeler- 43
– Wilhelm 47198 Duisburger- 231a
– Wilhelm
47058 Gerhart-Hauptmann- 16
Schürmann Wilhelm 47139 Herzog- 22
– Wilhelm 47229 Kronprinzen- 1
– Wilhelmine 47137 Burg- 6
– Wilhelmine 47228 Grabenacker 24
– Willi 47167 Amsterdamer- 45
– Willi 47228 Auf dem Pickert 26
– Wolfgang 47228 Deich- 127c
– Wolfgang 47057 Kammer- 98c
Schürmanns Frank
47058 Schweizer- 68
– Hans-Peter 47166 Huf- 51
– Heinrich 47139 Goecklingk- 29
– Herbert 47169 Roon- 92
– Ingrid 47169 Roon- 92
– Katharina 47139 Flotten- 13
– Rolf 47169 Roon- 92
Schürmanns-Efendic Azemina
47058 Schweizer- 68
Schürmeier Gerd 47239 Bremweg 52
– Heidemarie 47239 Bremweg 52
– Natalie 47229 Augusta- 17
– Ralph 47229 Augusta- 17
Schüss Angelika 47057 Kammer- 216
– Erwin 47057 Kolonie- 151
– Hermine 47166 Beyreuther- 41
Schüssler Anneliese 47198 Stein- 12
Schüßler Brunhilde
47249 Düsseldorfer Land- 148
– Elisabeth 47137 Kückendell- 41
– Ellen 47229 Adler- 24
– Elsa 47051 Ober- 42
– Erich 47137 Werra- 24
– Georg 47229 Rheingold- 40
– Gerhard 47229 Adler- 24
– Gertrud 47228 Hochfeld- 109
– Helmut 47053 Fröbel- 60
– Ingo 47055 Eschen- 45
– Ingrid 47053 Fröbel- 60
– Roselies 47051 Werra- 24
– Sebastian
47249 Düsseldorfer Land- 148
– Thorsten 47269 Angermunder- 21
– Torsten 47166 Gustav- 27
Schüssler Werner 47198 Stein- 12
Schüstale Eva 47226 Kiefern- 12
– Josef 47226 Kiefern- 12
Schüten Anke 47226 Eduard- 12
– Cornelia 47058 Bechem- 24
– Karin 47058 Askerfahr- 37
– Manfred 47058 Bechem- 24
– Peter 47226 Eduard- 12
Schüthuth Margarete
47169 Greifswalder- 26
Schütrumpf Dieter
47179 Dr.-Hans-Böckler- 20
– Hannelore
47169 Kaiser-Friedrich- 156a
– Silvia 47179 Dr.-Hans-Böckler- 20
– Thomas 47179 Dr.-Hans-Böckler- 20
– Susanne 47167 Schlachthof- 56a
Schütt Agnes 47058 Moerser- 9
– Albert 47279 Dirschauer Weg 9
– Annett 47169 Am Grillopark 10
– Bernd 47119 Lindekum 14
– Carlo 47169 Hagedorn- 1a
– Christel 47279 Dirschauer Weg 9
– Christian 47239 Darwin- 24
– Dietmar 47119 Lindekum 14
– Elfriede 47169 Ziegelhorst- 42b
– Gertraud 47138 Skrentny- 48
– Gerhard 47228 An der Trift 17
– Gisela 47178 Beck- 11
– Günter 47058 Duissern- 109
– Hans-Ulrich 47199 Schul- 67
– Harald 47167 Schlachthof- 70
– Heinz 47058 Duissern- 109
– Hilde 47199 Skol- 191
– Ingrid 47239 Liebig- 1
– Jakob 47199 Lindekum 14
– Joachim 47259 Sermer- 11
– Johann 47199 Schul- 78
– Johanna 47167 Schlachthof- 70
– Josef 47228 Asberger- 47
– Käthe 47228 Thomas- 8
– Karin 47059 Völklinger- 10
– Kurt 47169 Ring- 103
– Ludger 47169 Mattler- 1
– Manfred 47169 Mathilden- 8
– Marion 47239 Bayer- 3
– Marlies 47239 Darwin- 5
– Michael 47199 Schul- 74
– Oliver 47226 Hans-Böckler- 10
– Peter 47249 Römer- 5
– Ralf 47199 Schul- 78
– Roland 47228 Asberger- 47
– Rudolf 47169 Mathilden- 8
– Sandra 47239 Bayer- 3
– Sonja 47239 Darwin- 24
– Tilmann 47053 Musfeld- 69
– Ulrike 47179 Schul- 74
– Ursula 47058 Falk- 50
– Volker 47269 Am Rahmer Bach 23a
– Volker 47167 Amsterdamer- 4
– Wolfgang 47228 Thomas- 8
Schütte Albert 47178 Max- 5
– Andrea 47167 Berger- 182a
– Anna 47269 Zu den Erlen 56
– Astrid 47178 Franz-Lenze-Platz 39
– Bernd 47169 Ziegelhorst- 171
– Christa 47169 Märker- 55
– Christian 47167 Rügen- 46
– Claudia 47279 Kurt-Heintze- 46
– Dieter 47138 Am Kanal 39
– Dorothea 47058 Tempel- 8
– Emil 47279 Zu den Erlen 56
– Erika 47138 Skrentny- 45
– Erika 47269 Zu den Erlen 56
– Frank 47269 Zu den Erlen 56
– Friedhelm 47228 Am Kirchplatz 3
– Friedhelm 47178 Dr.-Hammacher- 30
– Gabriele 47228 Elsa-Brändström- 69
– Gerhard 47229 Finkenschlag 48
– Gisela 47137 Metzer- 35
– Gregor 47119 Günther- 25
– Günter 47053 Heer- 102
– Heinz 47179 Ziegelhorst- 111
– Helene 47138 Skrentny- 28
– Helmut 47179 Emscher- 12
– Henriette 47228 Am Kirchplatz 3
Firmen, Gewerbebetriebe usw. nach Namen – siehe gelber Teil	A-DU
